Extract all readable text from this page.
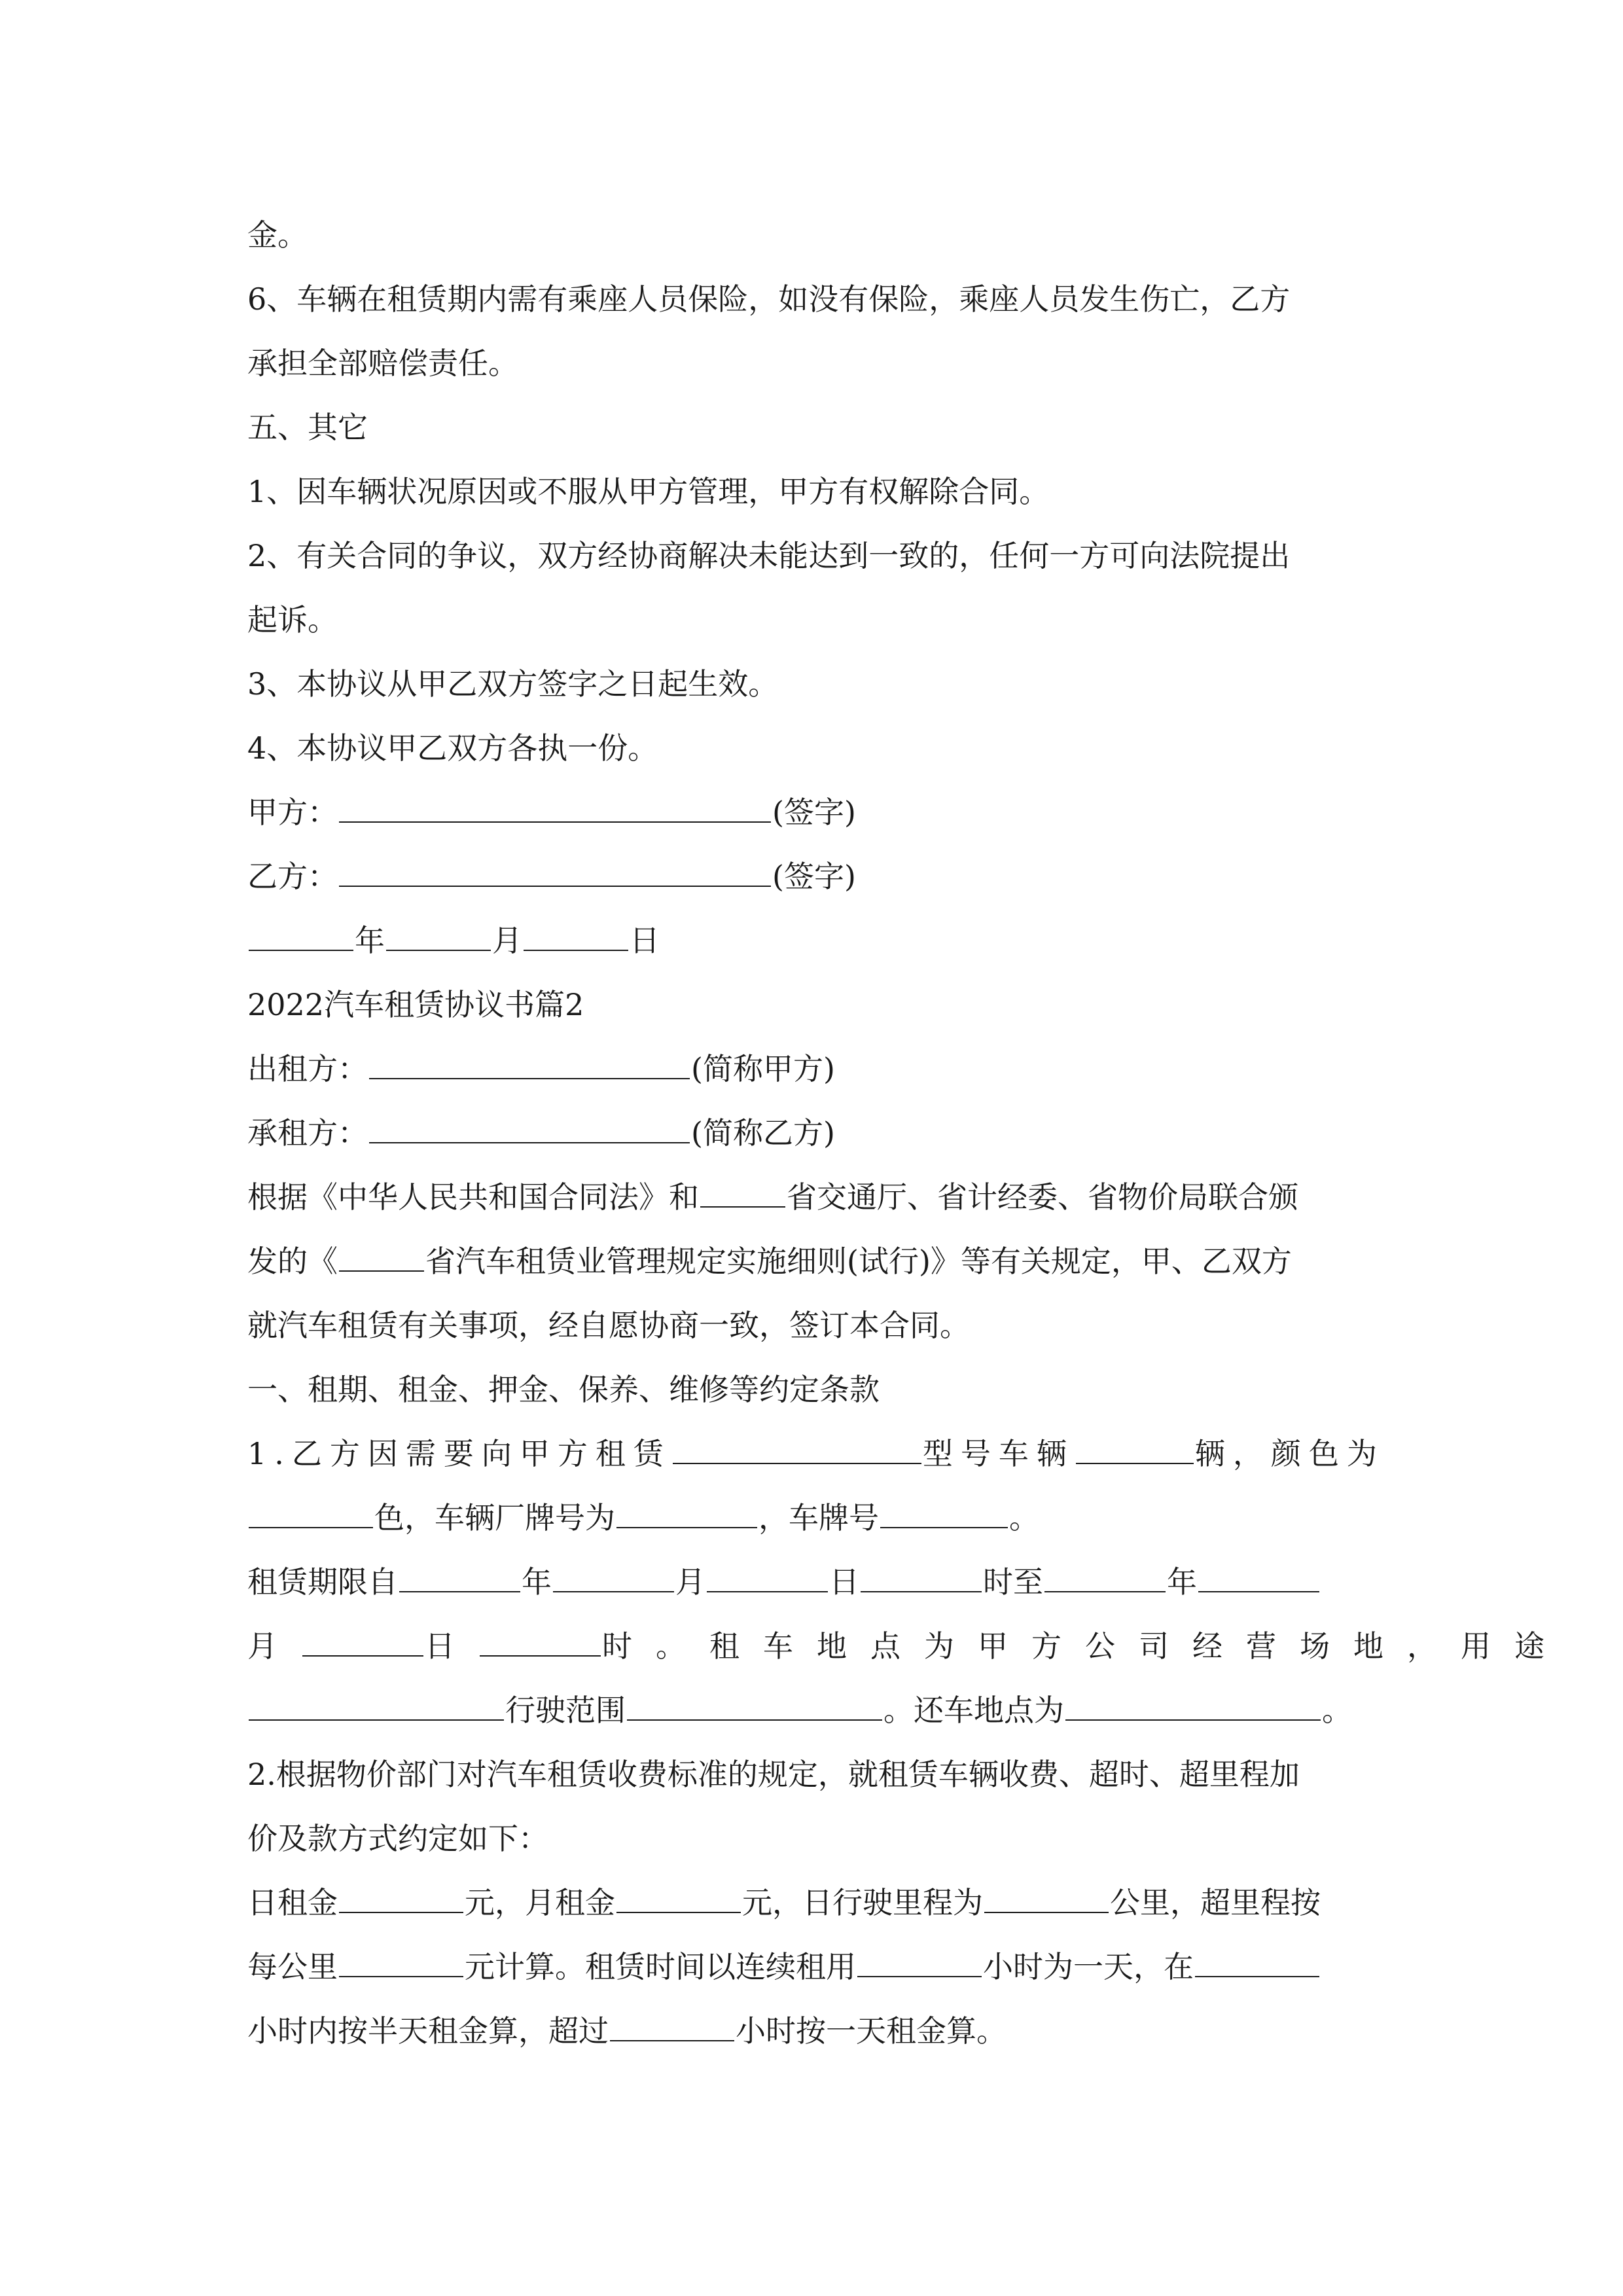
金。
6、车辆在租赁期内需有乘座人员保险，如没有保险，乘座人员发生伤亡，乙方
承担全部赔偿责任。
五、其它
1、因车辆状况原因或不服从甲方管理，甲方有权解除合同。
2、有关合同的争议，双方经协商解决未能达到一致的，任何一方可向法院提出
起诉。
3、本协议从甲乙双方签字之日起生效。
4、本协议甲乙双方各执一份。
甲方：	(签字)
乙方：	(签字)
年	月	日
2022汽车租赁协议书篇2
出租方：	(简称甲方)
承租方：	(简称乙方)
根据《中华人民共和国合同法》和	省交通厅、省计经委、省物价局联合颁
发的《	省汽车租赁业管理规定实施细则(试行)》等有关规定，甲、乙双方
就汽车租赁有关事项，经自愿协商一致，签订本合同。
一、租期、租金、押金、保养、维修等约定条款
1.乙方因需要向甲方租赁	型号车辆	辆，颜色为
色，车辆厂牌号为	，车牌号	。
租赁期限自	年	月	日	时至	年
月	日	时。租车地点为甲方公司经营场地，用途
行驶范围	。还车地点为	。
2.根据物价部门对汽车租赁收费标准的规定，就租赁车辆收费、超时、超里程加
价及款方式约定如下：
日租金	元，月租金	元，日行驶里程为	公里，超里程按
每公里	元计算。租赁时间以连续租用	小时为一天，在
小时内按半天租金算，超过	小时按一天租金算。
